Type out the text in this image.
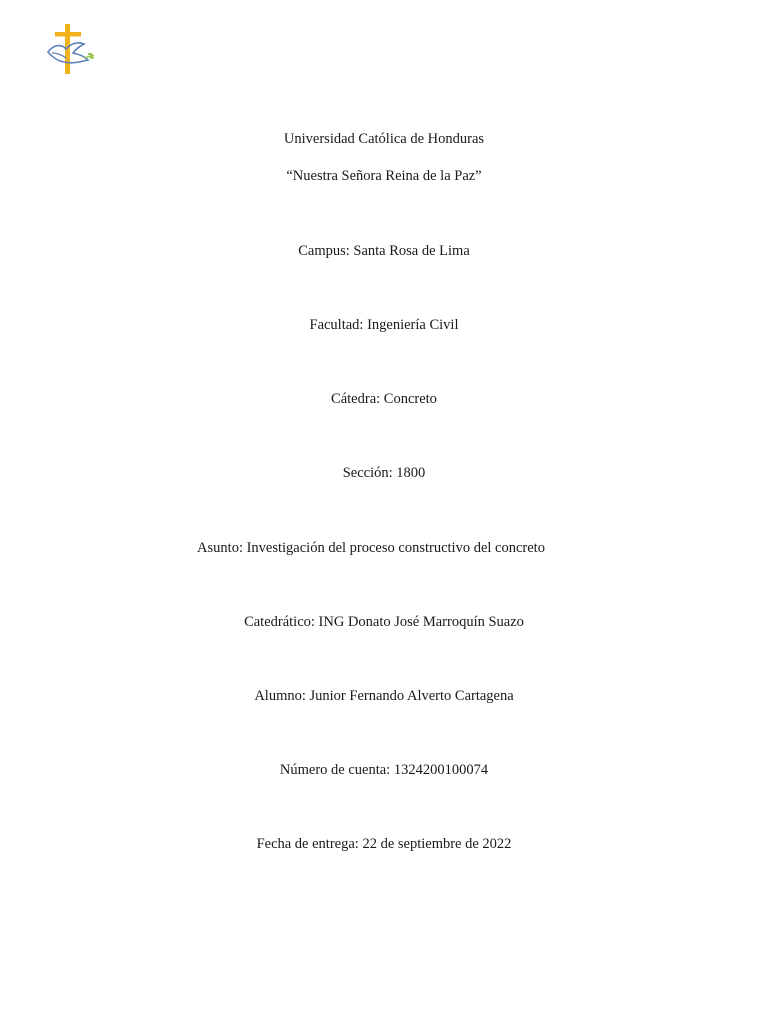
Universidad Católica de Honduras
“Nuestra Señora Reina de la Paz”
Campus: Santa Rosa de Lima
Facultad: Ingeniería Civil
Cátedra: Concreto
Sección: 1800
Asunto: Investigación del proceso constructivo del concreto
Catedrático: ING Donato José Marroquín Suazo
Alumno: Junior Fernando Alverto Cartagena
Número de cuenta: 1324200100074
Fecha de entrega: 22 de septiembre de 2022
